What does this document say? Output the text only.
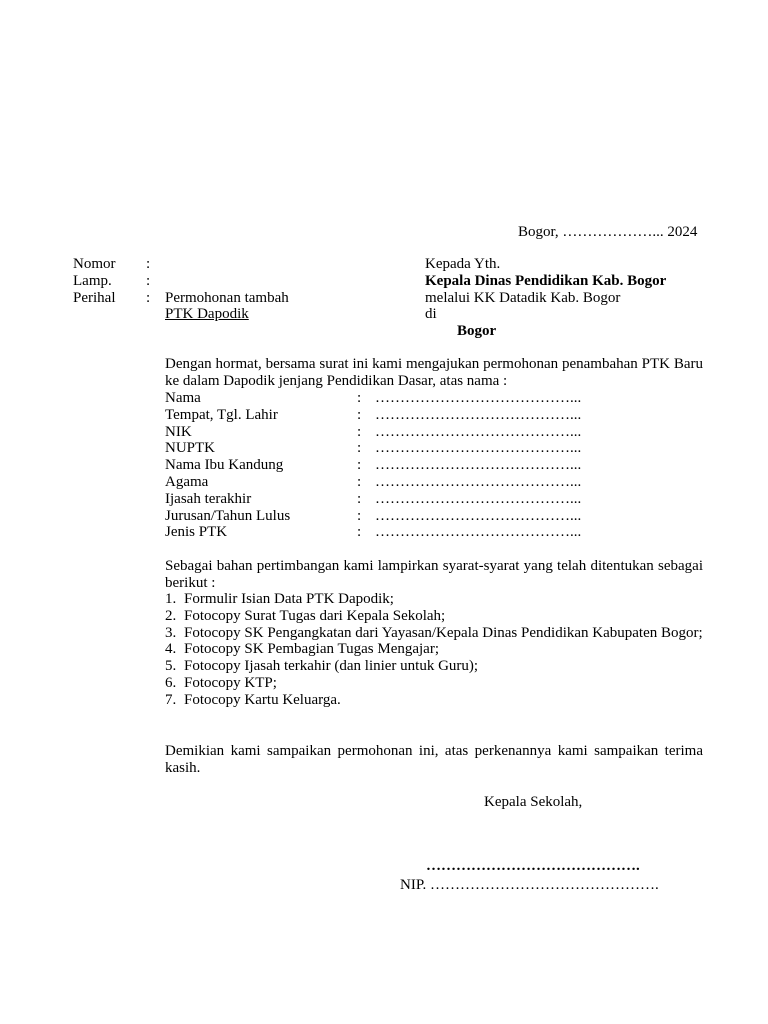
Bogor, ………………... 2024
Nomor :
Lamp. :
Perihal : Permohonan tambah
PTK Dapodik
Kepada Yth.
Kepala Dinas Pendidikan Kab. Bogor
melalui KK Datadik Kab. Bogor
di
Bogor
Dengan hormat, bersama surat ini kami mengajukan permohonan penambahan PTK Baru ke dalam Dapodik jenjang Pendidikan Dasar, atas nama :
Nama	: …………………………………...
Tempat, Tgl. Lahir	: …………………………………...
NIK	: …………………………………...
NUPTK	: …………………………………...
Nama Ibu Kandung	: …………………………………...
Agama	: …………………………………...
Ijasah terakhir	: …………………………………...
Jurusan/Tahun Lulus	: …………………………………...
Jenis PTK	: …………………………………...
Sebagai bahan pertimbangan kami lampirkan syarat-syarat yang telah ditentukan sebagai berikut :
1. Formulir Isian Data PTK Dapodik;
2. Fotocopy Surat Tugas dari Kepala Sekolah;
3. Fotocopy SK Pengangkatan dari Yayasan/Kepala Dinas Pendidikan Kabupaten Bogor;
4. Fotocopy SK Pembagian Tugas Mengajar;
5. Fotocopy Ijasah terkahir (dan linier untuk Guru);
6. Fotocopy KTP;
7. Fotocopy Kartu Keluarga.
Demikian kami sampaikan permohonan ini, atas perkenannya kami sampaikan terima kasih.
Kepala Sekolah,
…………………………………….
NIP. ……………………………………….
